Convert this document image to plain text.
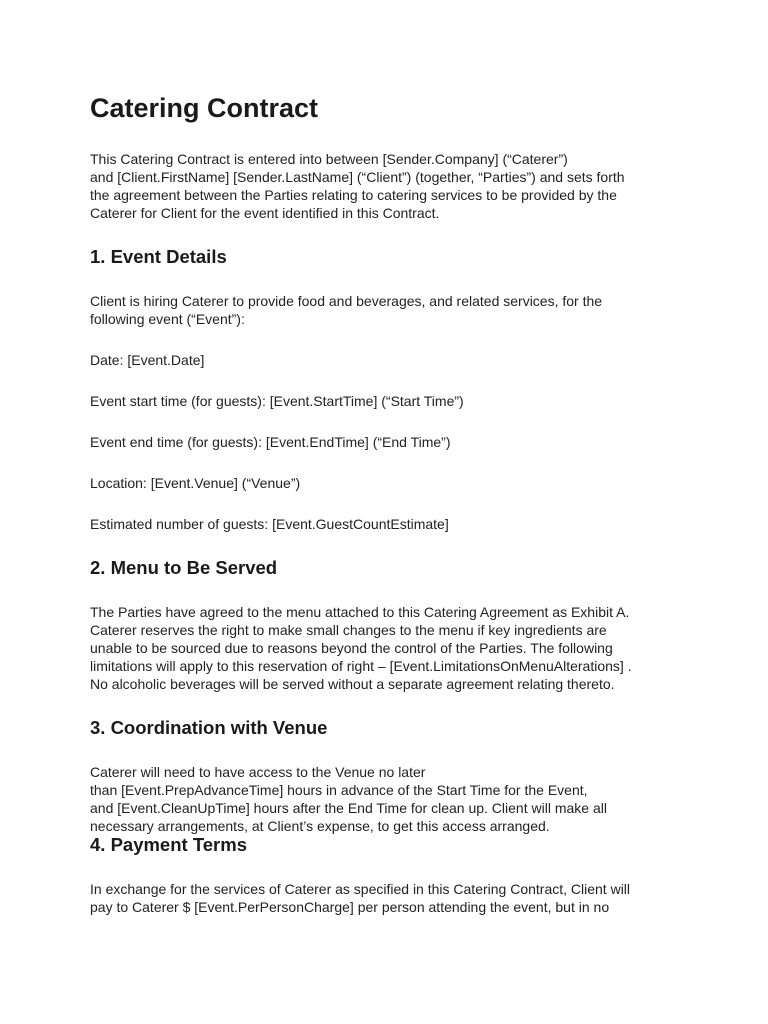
Catering Contract

This Catering Contract is entered into between [Sender.Company] (“Caterer”)
and [Client.FirstName] [Sender.LastName] (“Client”) (together, “Parties”) and sets forth
the agreement between the Parties relating to catering services to be provided by the
Caterer for Client for the event identified in this Contract.

1. Event Details

Client is hiring Caterer to provide food and beverages, and related services, for the
following event (“Event”):

Date: [Event.Date]

Event start time (for guests): [Event.StartTime] (“Start Time”)

Event end time (for guests): [Event.EndTime] (“End Time”)

Location: [Event.Venue] (“Venue”)

Estimated number of guests: [Event.GuestCountEstimate]

2. Menu to Be Served

The Parties have agreed to the menu attached to this Catering Agreement as Exhibit A.
Caterer reserves the right to make small changes to the menu if key ingredients are
unable to be sourced due to reasons beyond the control of the Parties. The following
limitations will apply to this reservation of right – [Event.LimitationsOnMenuAlterations] .
No alcoholic beverages will be served without a separate agreement relating thereto.

3. Coordination with Venue

Caterer will need to have access to the Venue no later
than [Event.PrepAdvanceTime] hours in advance of the Start Time for the Event,
and [Event.CleanUpTime] hours after the End Time for clean up. Client will make all
necessary arrangements, at Client’s expense, to get this access arranged.

4. Payment Terms

In exchange for the services of Caterer as specified in this Catering Contract, Client will
pay to Caterer $ [Event.PerPersonCharge] per person attending the event, but in no
